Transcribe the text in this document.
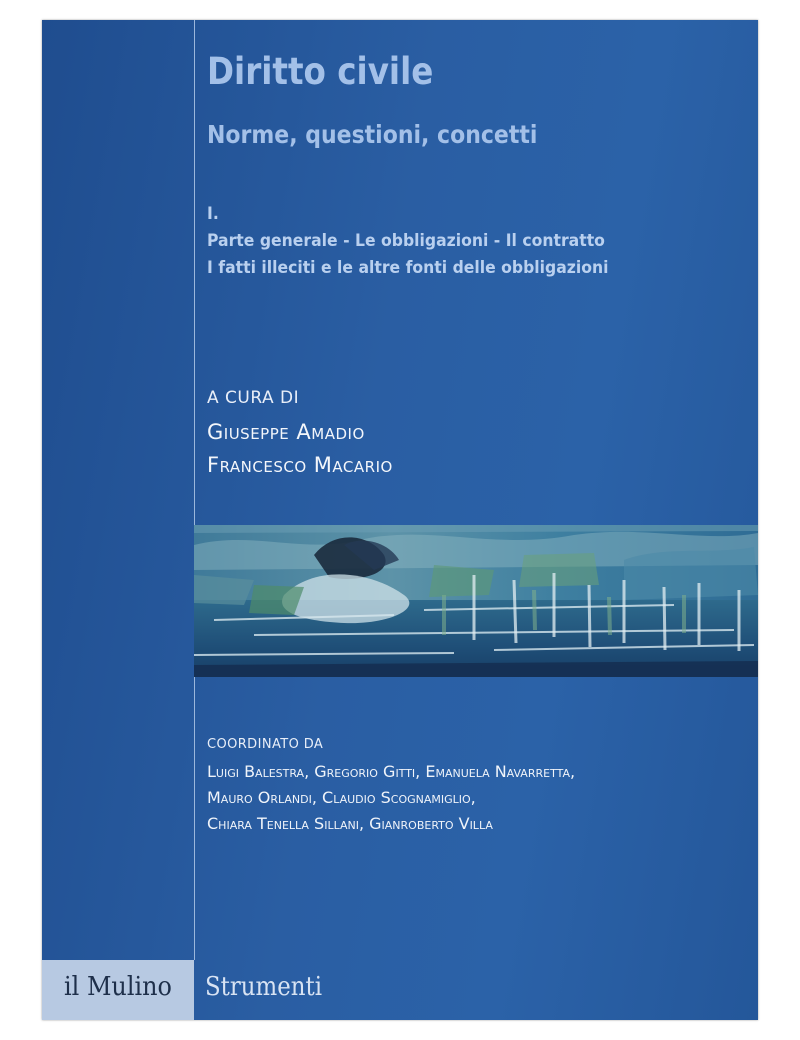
Diritto civile
Norme, questioni, concetti
I.
Parte generale - Le obbligazioni - Il contratto
I fatti illeciti e le altre fonti delle obbligazioni
A CURA DI
Giuseppe Amadio
Francesco Macario
COORDINATO DA
Luigi Balestra, Gregorio Gitti, Emanuela Navarretta,
Mauro Orlandi, Claudio Scognamiglio,
Chiara Tenella Sillani, Gianroberto Villa
il Mulino	Strumenti
